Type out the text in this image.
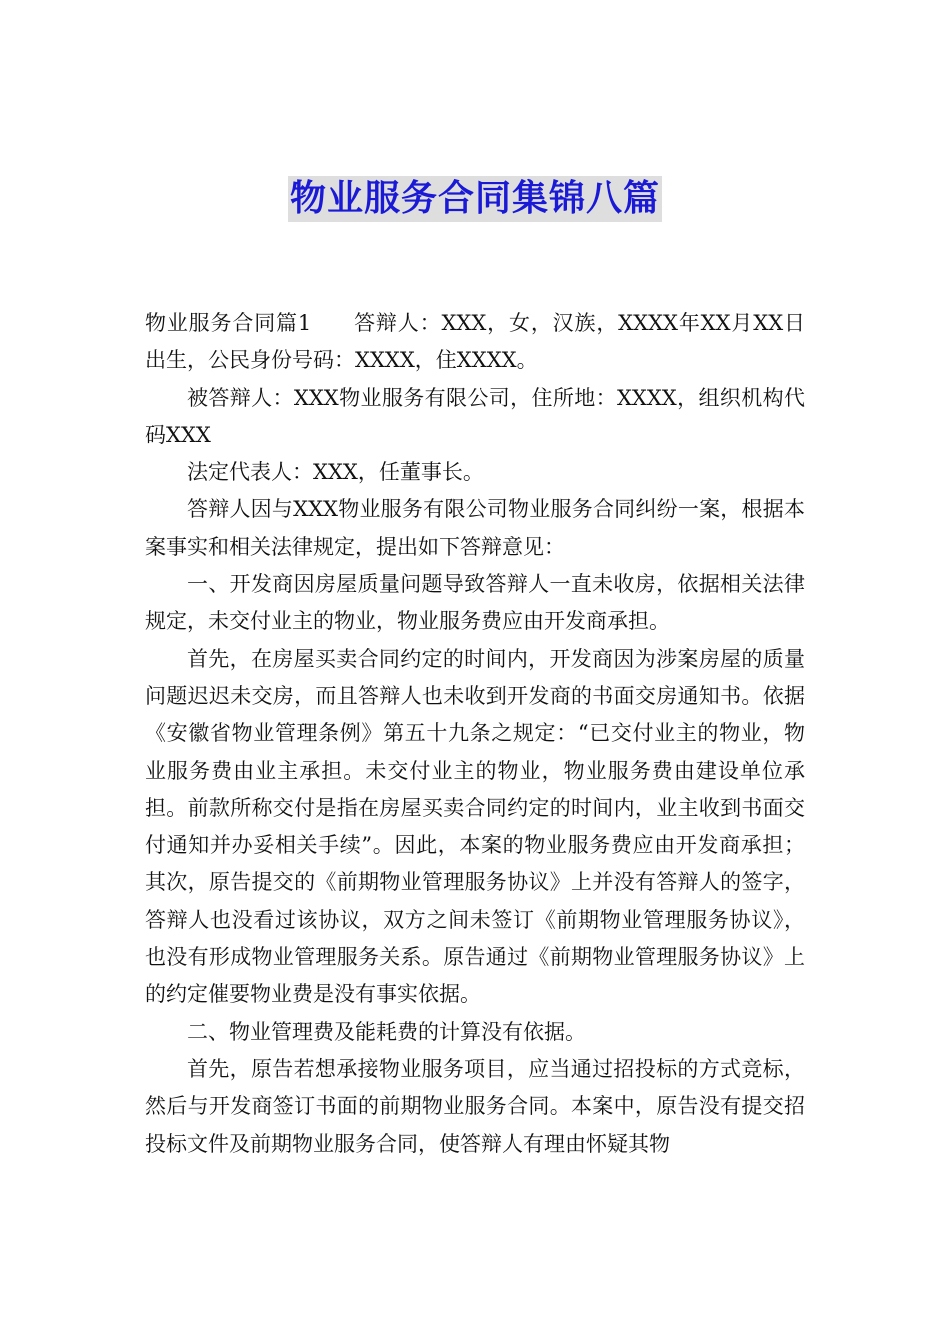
物业服务合同集锦八篇

物业服务合同篇1 答辩人：XXX，女，汉族，XXXX年XX月XX日出生，公民身份号码：XXXX，住XXXX。

被答辩人：XXX物业服务有限公司，住所地：XXXX，组织机构代码XXX

法定代表人：XXX，任董事长。

答辩人因与XXX物业服务有限公司物业服务合同纠纷一案，根据本案事实和相关法律规定，提出如下答辩意见：

一、开发商因房屋质量问题导致答辩人一直未收房，依据相关法律规定，未交付业主的物业，物业服务费应由开发商承担。

首先，在房屋买卖合同约定的时间内，开发商因为涉案房屋的质量问题迟迟未交房，而且答辩人也未收到开发商的书面交房通知书。依据《安徽省物业管理条例》第五十九条之规定：“已交付业主的物业，物业服务费由业主承担。未交付业主的物业，物业服务费由建设单位承担。前款所称交付是指在房屋买卖合同约定的时间内，业主收到书面交付通知并办妥相关手续”。因此，本案的物业服务费应由开发商承担；其次，原告提交的《前期物业管理服务协议》上并没有答辩人的签字，答辩人也没看过该协议，双方之间未签订《前期物业管理服务协议》，也没有形成物业管理服务关系。原告通过《前期物业管理服务协议》上的约定催要物业费是没有事实依据。

二、物业管理费及能耗费的计算没有依据。

首先，原告若想承接物业服务项目，应当通过招投标的方式竞标，然后与开发商签订书面的前期物业服务合同。本案中，原告没有提交招投标文件及前期物业服务合同，使答辩人有理由怀疑其物
